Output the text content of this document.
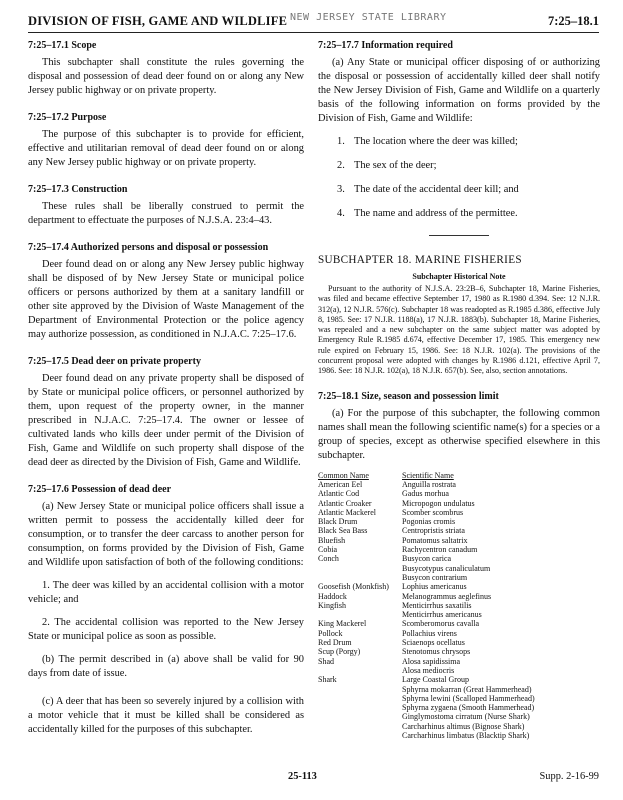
DIVISION OF FISH, GAME AND WILDLIFE NEW JERSEY STATE LIBRARY	7:25–18.1
7:25–17.1 Scope

This subchapter shall constitute the rules governing the disposal and possession of dead deer found on or along any New Jersey public highway or on private property.

7:25–17.2 Purpose

The purpose of this subchapter is to provide for efficient, effective and utilitarian removal of dead deer found on or along any New Jersey public highway or on private property.

7:25–17.3 Construction

These rules shall be liberally construed to permit the department to effectuate the purposes of N.J.S.A. 23:4–43.

7:25–17.4 Authorized persons and disposal or possession

Deer found dead on or along any New Jersey public highway shall be disposed of by New Jersey State or municipal police officers or persons authorized by them at a sanitary landfill or other site approved by the Division of Waste Management of the Department of Environmental Protection or the police agency may authorize possession, as conditioned in N.J.A.C. 7:25–17.6.

7:25–17.5 Dead deer on private property

Deer found dead on any private property shall be disposed of by State or municipal police officers, or personnel authorized by them, upon request of the property owner, in the manner prescribed in N.J.A.C. 7:25–17.4. The owner or lessee of cultivated lands who kills deer under permit of the Division of Fish, Game and Wildlife on such property shall dispose of the dead deer as directed by the Division of Fish, Game and Wildlife.

7:25–17.6 Possession of dead deer

(a) New Jersey State or municipal police officers shall issue a written permit to possess the accidentally killed deer for consumption, or to transfer the deer carcass to another person for consumption, on forms provided by the Division of Fish, Game and Wildlife upon satisfaction of both of the following conditions:

1. The deer was killed by an accidental collision with a motor vehicle; and

2. The accidental collision was reported to the New Jersey State or municipal police as soon as possible.

(b) The permit described in (a) above shall be valid for 90 days from date of issue.

(c) A deer that has been so severely injured by a collision with a motor vehicle that it must be killed shall be considered as accidentally killed for the purposes of this subchapter.

7:25–17.7 Information required

(a) Any State or municipal officer disposing of or authorizing the disposal or possession of accidentally killed deer shall notify the New Jersey Division of Fish, Game and Wildlife on a quarterly basis of the following information on forms provided by the Division of Fish, Game and Wildlife:

1. The location where the deer was killed;
2. The sex of the deer;
3. The date of the accidental deer kill; and
4. The name and address of the permittee.
SUBCHAPTER 18. MARINE FISHERIES
Subchapter Historical Note

Pursuant to the authority of N.J.S.A. 23:2B–6, Subchapter 18, Marine Fisheries, was filed and became effective September 17, 1980 as R.1980 d.394. See: 12 N.J.R. 312(a), 12 N.J.R. 576(c). Subchapter 18 was readopted as R.1985 d.386, effective July 8, 1985. See: 17 N.J.R. 1188(a), 17 N.J.R. 1883(b). Subchapter 18, Marine Fisheries, was repealed and a new subchapter on the same subject matter was adopted by Emergency Rule R.1985 d.674, effective December 17, 1985. This emergency new rule expired on February 15, 1986. See: 18 N.J.R. 102(a). The provisions of the concurrent proposal were adopted with changes by R.1986 d.121, effective April 7, 1986. See: 18 N.J.R. 102(a), 18 N.J.R. 657(b). See, also, section annotations.

7:25–18.1 Size, season and possession limit

(a) For the purpose of this subchapter, the following common names shall mean the following scientific name(s) for a species or a group of species, except as otherwise specified elsewhere in this subchapter.

Common Name	Scientific Name
American Eel	Anguilla rostrata
Atlantic Cod	Gadus morhua
Atlantic Croaker	Micropogon undulatus
Atlantic Mackerel	Scomber scombrus
Black Drum	Pogonias cromis
Black Sea Bass	Centropristis striata
Bluefish	Pomatomus saltatrix
Cobia	Rachycentron canadum
Conch	Busycon carica
	Busycotypus canaliculatum
	Busycon contrarium
Goosefish (Monkfish)	Lophius americanus
Haddock	Melanogrammus aeglefinus
Kingfish	Menticirrhus saxatilis
	Menticirrhus americanus
King Mackerel	Scomberomorus cavalla
Pollock	Pollachius virens
Red Drum	Sciaenops ocellatus
Scup (Porgy)	Stenotomus chrysops
Shad	Alosa sapidissima
	Alosa mediocris
Shark	Large Coastal Group
	Sphyrna mokarran (Great Hammerhead)
	Sphyrna lewini (Scalloped Hammerhead)
	Sphyrna zygaena (Smooth Hammerhead)
	Ginglymostoma cirratum (Nurse Shark)
	Carcharhinus altimus (Bignose Shark)
	Carcharhinus limbatus (Blacktip Shark)
25-113	Supp. 2-16-99
